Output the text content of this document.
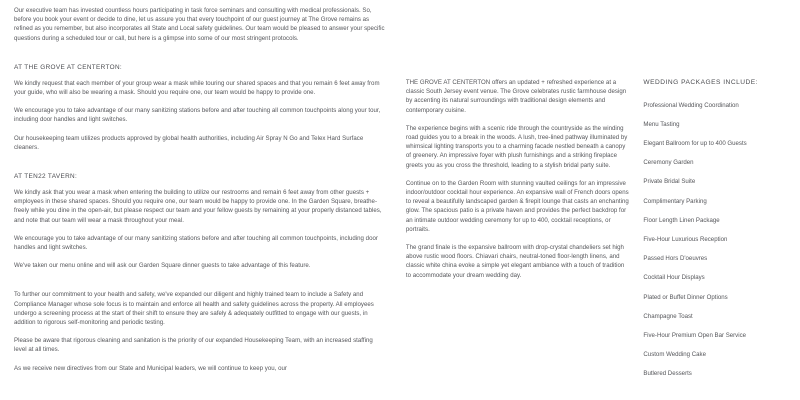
Our executive team has invested countless hours participating in task force seminars and consulting with medical professionals. So, before you book your event or decide to dine, let us assure you that every touchpoint of our guest journey at The Grove remains as refined as you remember, but also incorporates all State and Local safety guidelines. Our team would be pleased to answer your specific questions during a scheduled tour or call, but here is a glimpse into some of our most stringent protocols.

AT THE GROVE AT CENTERTON:

We kindly request that each member of your group wear a mask while touring our shared spaces and that you remain 6 feet away from your guide, who will also be wearing a mask. Should you require one, our team would be happy to provide one.

We encourage you to take advantage of our many sanitizing stations before and after touching all common touchpoints along your tour, including door handles and light switches.

Our housekeeping team utilizes products approved by global health authorities, including Air Spray N Go and Telex Hard Surface cleaners.

AT TEN22 TAVERN:

We kindly ask that you wear a mask when entering the building to utilize our restrooms and remain 6 feet away from other guests + employees in these shared spaces. Should you require one, our team would be happy to provide one. In the Garden Square, breathe-freely while you dine in the open-air, but please respect our team and your fellow guests by remaining at your properly distanced tables, and note that our team will wear a mask throughout your meal.

We encourage you to take advantage of our many sanitizing stations before and after touching all common touchpoints, including door handles and light switches.

We've taken our menu online and will ask our Garden Square dinner guests to take advantage of this feature.

To further our commitment to your health and safety, we've expanded our diligent and highly trained team to include a Safety and Compliance Manager whose sole focus is to maintain and enforce all health and safety guidelines across the property. All employees undergo a screening process at the start of their shift to ensure they are safely & adequately outfitted to engage with our guests, in addition to rigorous self-monitoring and periodic testing.

Please be aware that rigorous cleaning and sanitation is the priority of our expanded Housekeeping Team, with an increased staffing level at all times.

As we receive new directives from our State and Municipal leaders, we will continue to keep you, our

THE GROVE AT CENTERTON offers an updated + refreshed experience at a classic South Jersey event venue. The Grove celebrates rustic farmhouse design by accenting its natural surroundings with traditional design elements and contemporary cuisine.

The experience begins with a scenic ride through the countryside as the winding road guides you to a break in the woods. A lush, tree-lined pathway illuminated by whimsical lighting transports you to a charming facade nestled beneath a canopy of greenery. An impressive foyer with plush furnishings and a striking fireplace greets you as you cross the threshold, leading to a stylish bridal party suite.

Continue on to the Garden Room with stunning vaulted ceilings for an impressive indoor/outdoor cocktail hour experience. An expansive wall of French doors opens to reveal a beautifully landscaped garden & firepit lounge that casts an enchanting glow. The spacious patio is a private haven and provides the perfect backdrop for an intimate outdoor wedding ceremony for up to 400, cocktail receptions, or portraits.

The grand finale is the expansive ballroom with drop-crystal chandeliers set high above rustic wood floors. Chiavari chairs, neutral-toned floor-length linens, and classic white china evoke a simple yet elegant ambiance with a touch of tradition to accommodate your dream wedding day.

WEDDING PACKAGES INCLUDE:
Professional Wedding Coordination
Menu Tasting
Elegant Ballroom for up to 400 Guests
Ceremony Garden
Private Bridal Suite
Complimentary Parking
Floor Length Linen Package
Five-Hour Luxurious Reception
Passed Hors D'oeuvres
Cocktail Hour Displays
Plated or Buffet Dinner Options
Champagne Toast
Five-Hour Premium Open Bar Service
Custom Wedding Cake
Butlered Desserts
